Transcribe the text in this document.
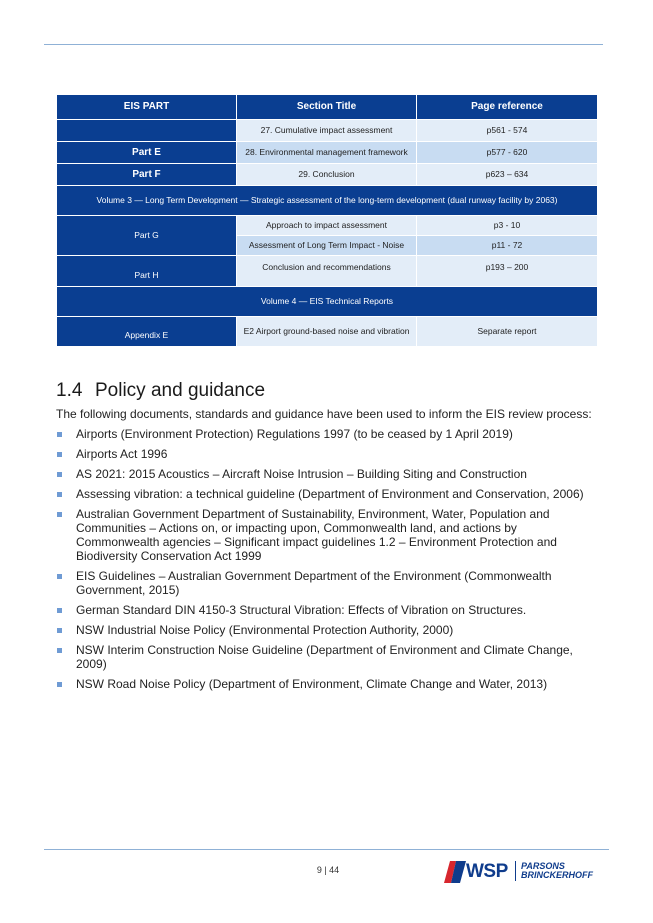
EIS PART	Section Title	Page reference
	27. Cumulative impact assessment	p561 - 574
Part E	28. Environmental management framework	p577 - 620
Part F	29. Conclusion	p623 – 634
Volume 3 — Long Term Development — Strategic assessment of the long-term development (dual runway facility by 2063)		
Part G	Approach to impact assessment	p3 - 10
	Assessment of Long Term Impact - Noise	p11 - 72
Part H	Conclusion and recommendations	p193 – 200
Volume 4 — EIS Technical Reports		
Appendix E	E2 Airport ground-based noise and vibration	Separate report
1.4 Policy and guidance

The following documents, standards and guidance have been used to inform the EIS review process:

Airports (Environment Protection) Regulations 1997 (to be ceased by 1 April 2019)
Airports Act 1996
AS 2021: 2015 Acoustics – Aircraft Noise Intrusion – Building Siting and Construction
Assessing vibration: a technical guideline (Department of Environment and Conservation, 2006)
Australian Government Department of Sustainability, Environment, Water, Population and Communities – Actions on, or impacting upon, Commonwealth land, and actions by Commonwealth agencies – Significant impact guidelines 1.2 – Environment Protection and Biodiversity Conservation Act 1999
EIS Guidelines – Australian Government Department of the Environment (Commonwealth Government, 2015)
German Standard DIN 4150-3 Structural Vibration: Effects of Vibration on Structures.
NSW Industrial Noise Policy (Environmental Protection Authority, 2000)
NSW Interim Construction Noise Guideline (Department of Environment and Climate Change, 2009)
NSW Road Noise Policy (Department of Environment, Climate Change and Water, 2013)
9 | 44	WSP PARSONS
BRINCKERHOFF
